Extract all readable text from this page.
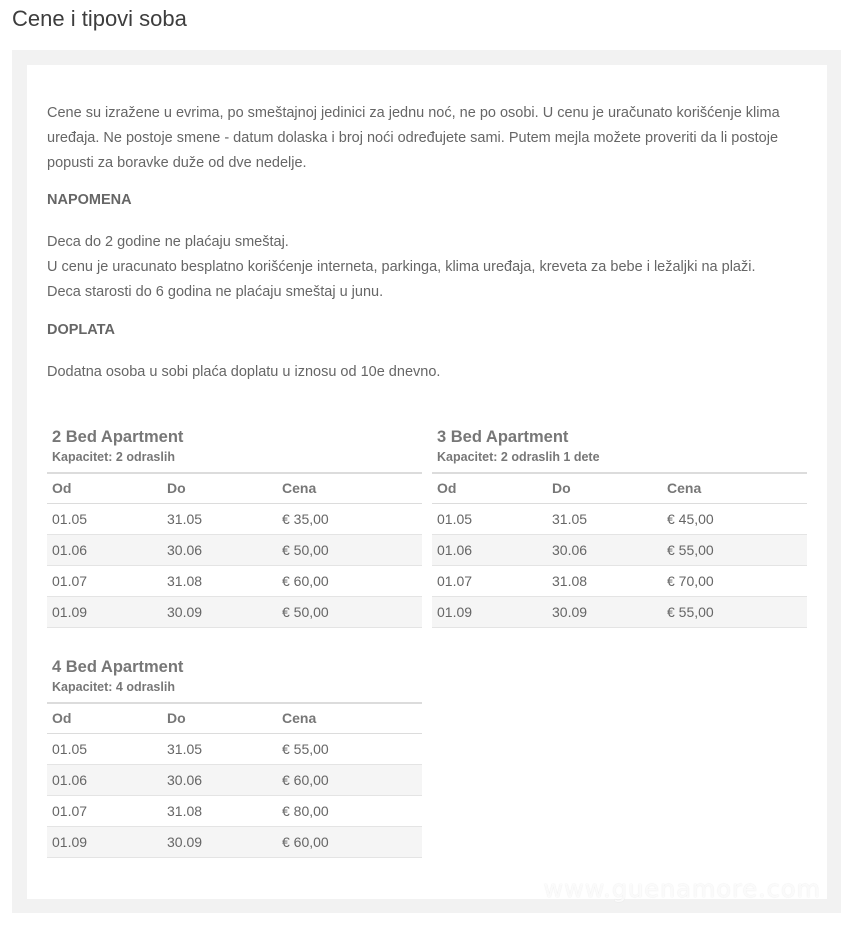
Cene i tipovi soba

Cene su izražene u evrima, po smeštajnoj jedinici za jednu noć, ne po osobi. U cenu je uračunato korišćenje klima uređaja. Ne postoje smene - datum dolaska i broj noći određujete sami. Putem mejla možete proveriti da li postoje popusti za boravke duže od dve nedelje.

NAPOMENA
Deca do 2 godine ne plaćaju smeštaj.
U cenu je uracunato besplatno korišćenje interneta, parkinga, klima uređaja, kreveta za bebe i ležaljki na plaži.
Deca starosti do 6 godina ne plaćaju smeštaj u junu.
DOPLATA
Dodatna osoba u sobi plaća doplatu u iznosu od 10e dnevno.
2 Bed Apartment
Kapacitet: 2 odraslih
Od	Do	Cena
01.05	31.05	€ 35,00
01.06	30.06	€ 50,00
01.07	31.08	€ 60,00
01.09	30.09	€ 50,00
3 Bed Apartment
Kapacitet: 2 odraslih 1 dete
Od	Do	Cena
01.05	31.05	€ 45,00
01.06	30.06	€ 55,00
01.07	31.08	€ 70,00
01.09	30.09	€ 55,00
4 Bed Apartment
Kapacitet: 4 odraslih
Od	Do	Cena
01.05	31.05	€ 55,00
01.06	30.06	€ 60,00
01.07	31.08	€ 80,00
01.09	30.09	€ 60,00
www.guenamore.com
